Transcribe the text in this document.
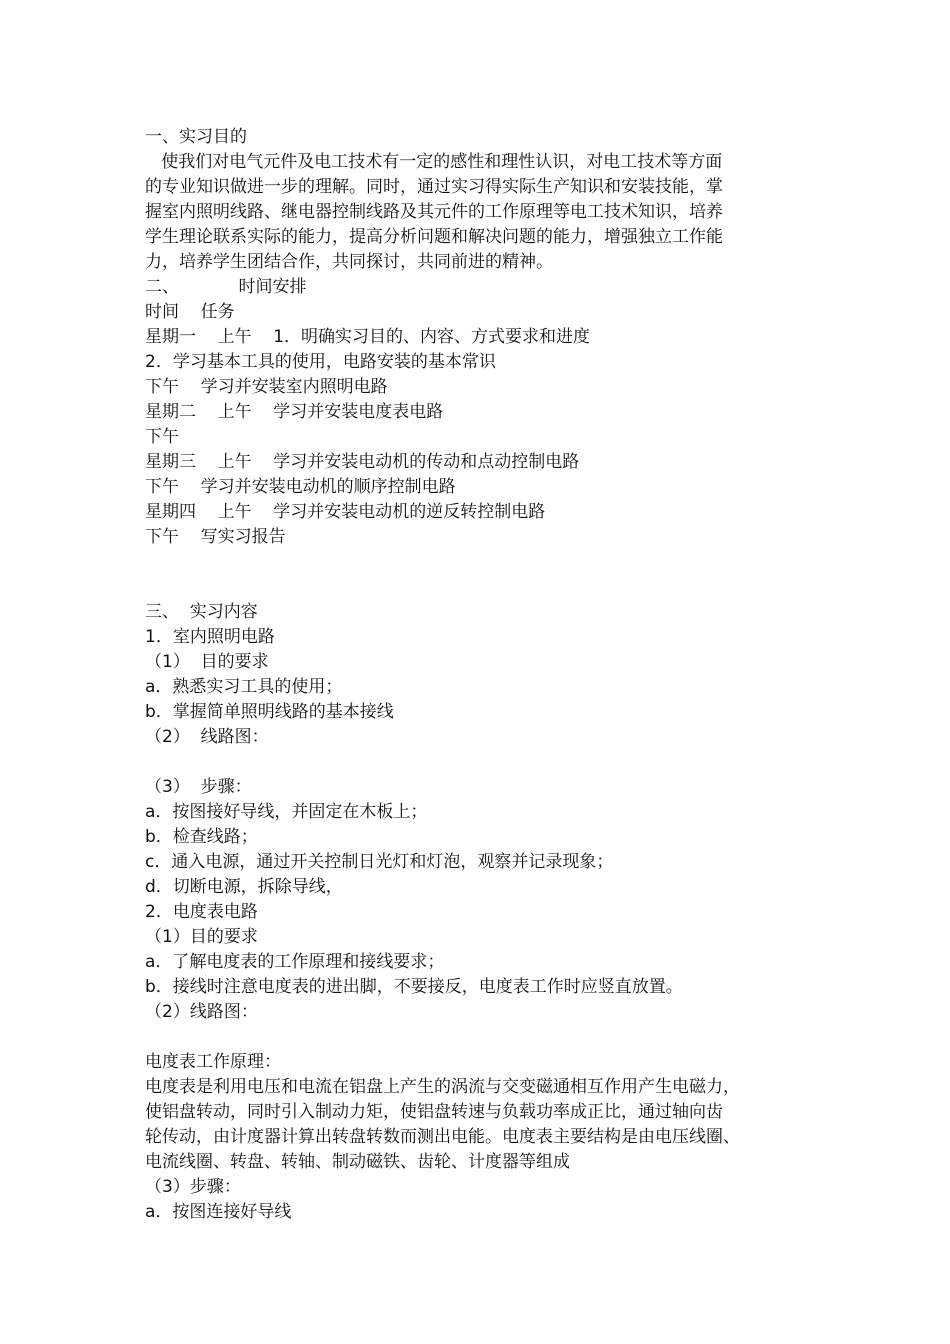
一、实习目的
使我们对电气元件及电工技术有一定的感性和理性认识，对电工技术等方面
的专业知识做进一步的理解。同时，通过实习得实际生产知识和安装技能，掌
握室内照明线路、继电器控制线路及其元件的工作原理等电工技术知识，培养
学生理论联系实际的能力，提高分析问题和解决问题的能力，增强独立工作能
力，培养学生团结合作，共同探讨，共同前进的精神。
二、           时间安排
时间    任务
星期一    上午    1．明确实习目的、内容、方式要求和进度
2．学习基本工具的使用，电路安装的基本常识
下午    学习并安装室内照明电路
星期二    上午    学习并安装电度表电路
下午
星期三    上午    学习并安装电动机的传动和点动控制电路
下午    学习并安装电动机的顺序控制电路
星期四    上午    学习并安装电动机的逆反转控制电路
下午    写实习报告
三、  实习内容
1．室内照明电路
（1）  目的要求
a．熟悉实习工具的使用；
b．掌握简单照明线路的基本接线
（2）  线路图：
（3）  步骤：
a．按图接好导线，并固定在木板上；
b．检查线路；
c．通入电源，通过开关控制日光灯和灯泡，观察并记录现象；
d．切断电源，拆除导线，
2．电度表电路
（1）目的要求
a．了解电度表的工作原理和接线要求；
b．接线时注意电度表的进出脚，不要接反，电度表工作时应竖直放置。
（2）线路图：
电度表工作原理：
电度表是利用电压和电流在铝盘上产生的涡流与交变磁通相互作用产生电磁力，
使铝盘转动，同时引入制动力矩，使铝盘转速与负载功率成正比，通过轴向齿
轮传动，由计度器计算出转盘转数而测出电能。电度表主要结构是由电压线圈、
电流线圈、转盘、转轴、制动磁铁、齿轮、计度器等组成
（3）步骤：
a．按图连接好导线
